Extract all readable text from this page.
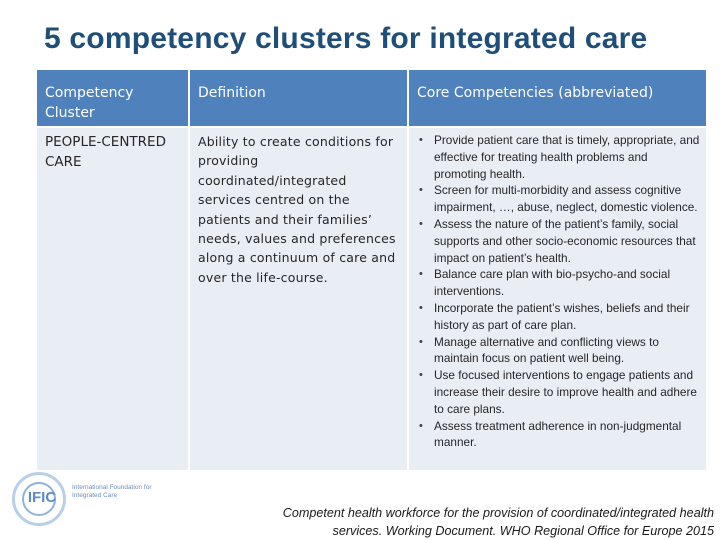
5 competency clusters for integrated care
Competency Cluster
Definition	Core Competencies (abbreviated)
PEOPLE-CENTRED CARE
Ability to create conditions for providing coordinated/integrated services centred on the patients and their families’ needs, values and preferences along a continuum of care and over the life-course.
• Provide patient care that is timely, appropriate, and effective for treating health problems and promoting health.
• Screen for multi-morbidity and assess cognitive impairment, …, abuse, neglect, domestic violence.
• Assess the nature of the patient’s family, social supports and other socio-economic resources that impact on patient’s health.
• Balance care plan with bio-psycho-and social interventions.
• Incorporate the patient’s wishes, beliefs and their history as part of care plan.
• Manage alternative and conflicting views to maintain focus on patient well being.
• Use focused interventions to engage patients and increase their desire to improve health and adhere to care plans.
• Assess treatment adherence in non-judgmental manner.
IFIC
International Foundation for Integrated Care

Competent health workforce for the provision of coordinated/integrated health services. Working Document. WHO Regional Office for Europe 2015
